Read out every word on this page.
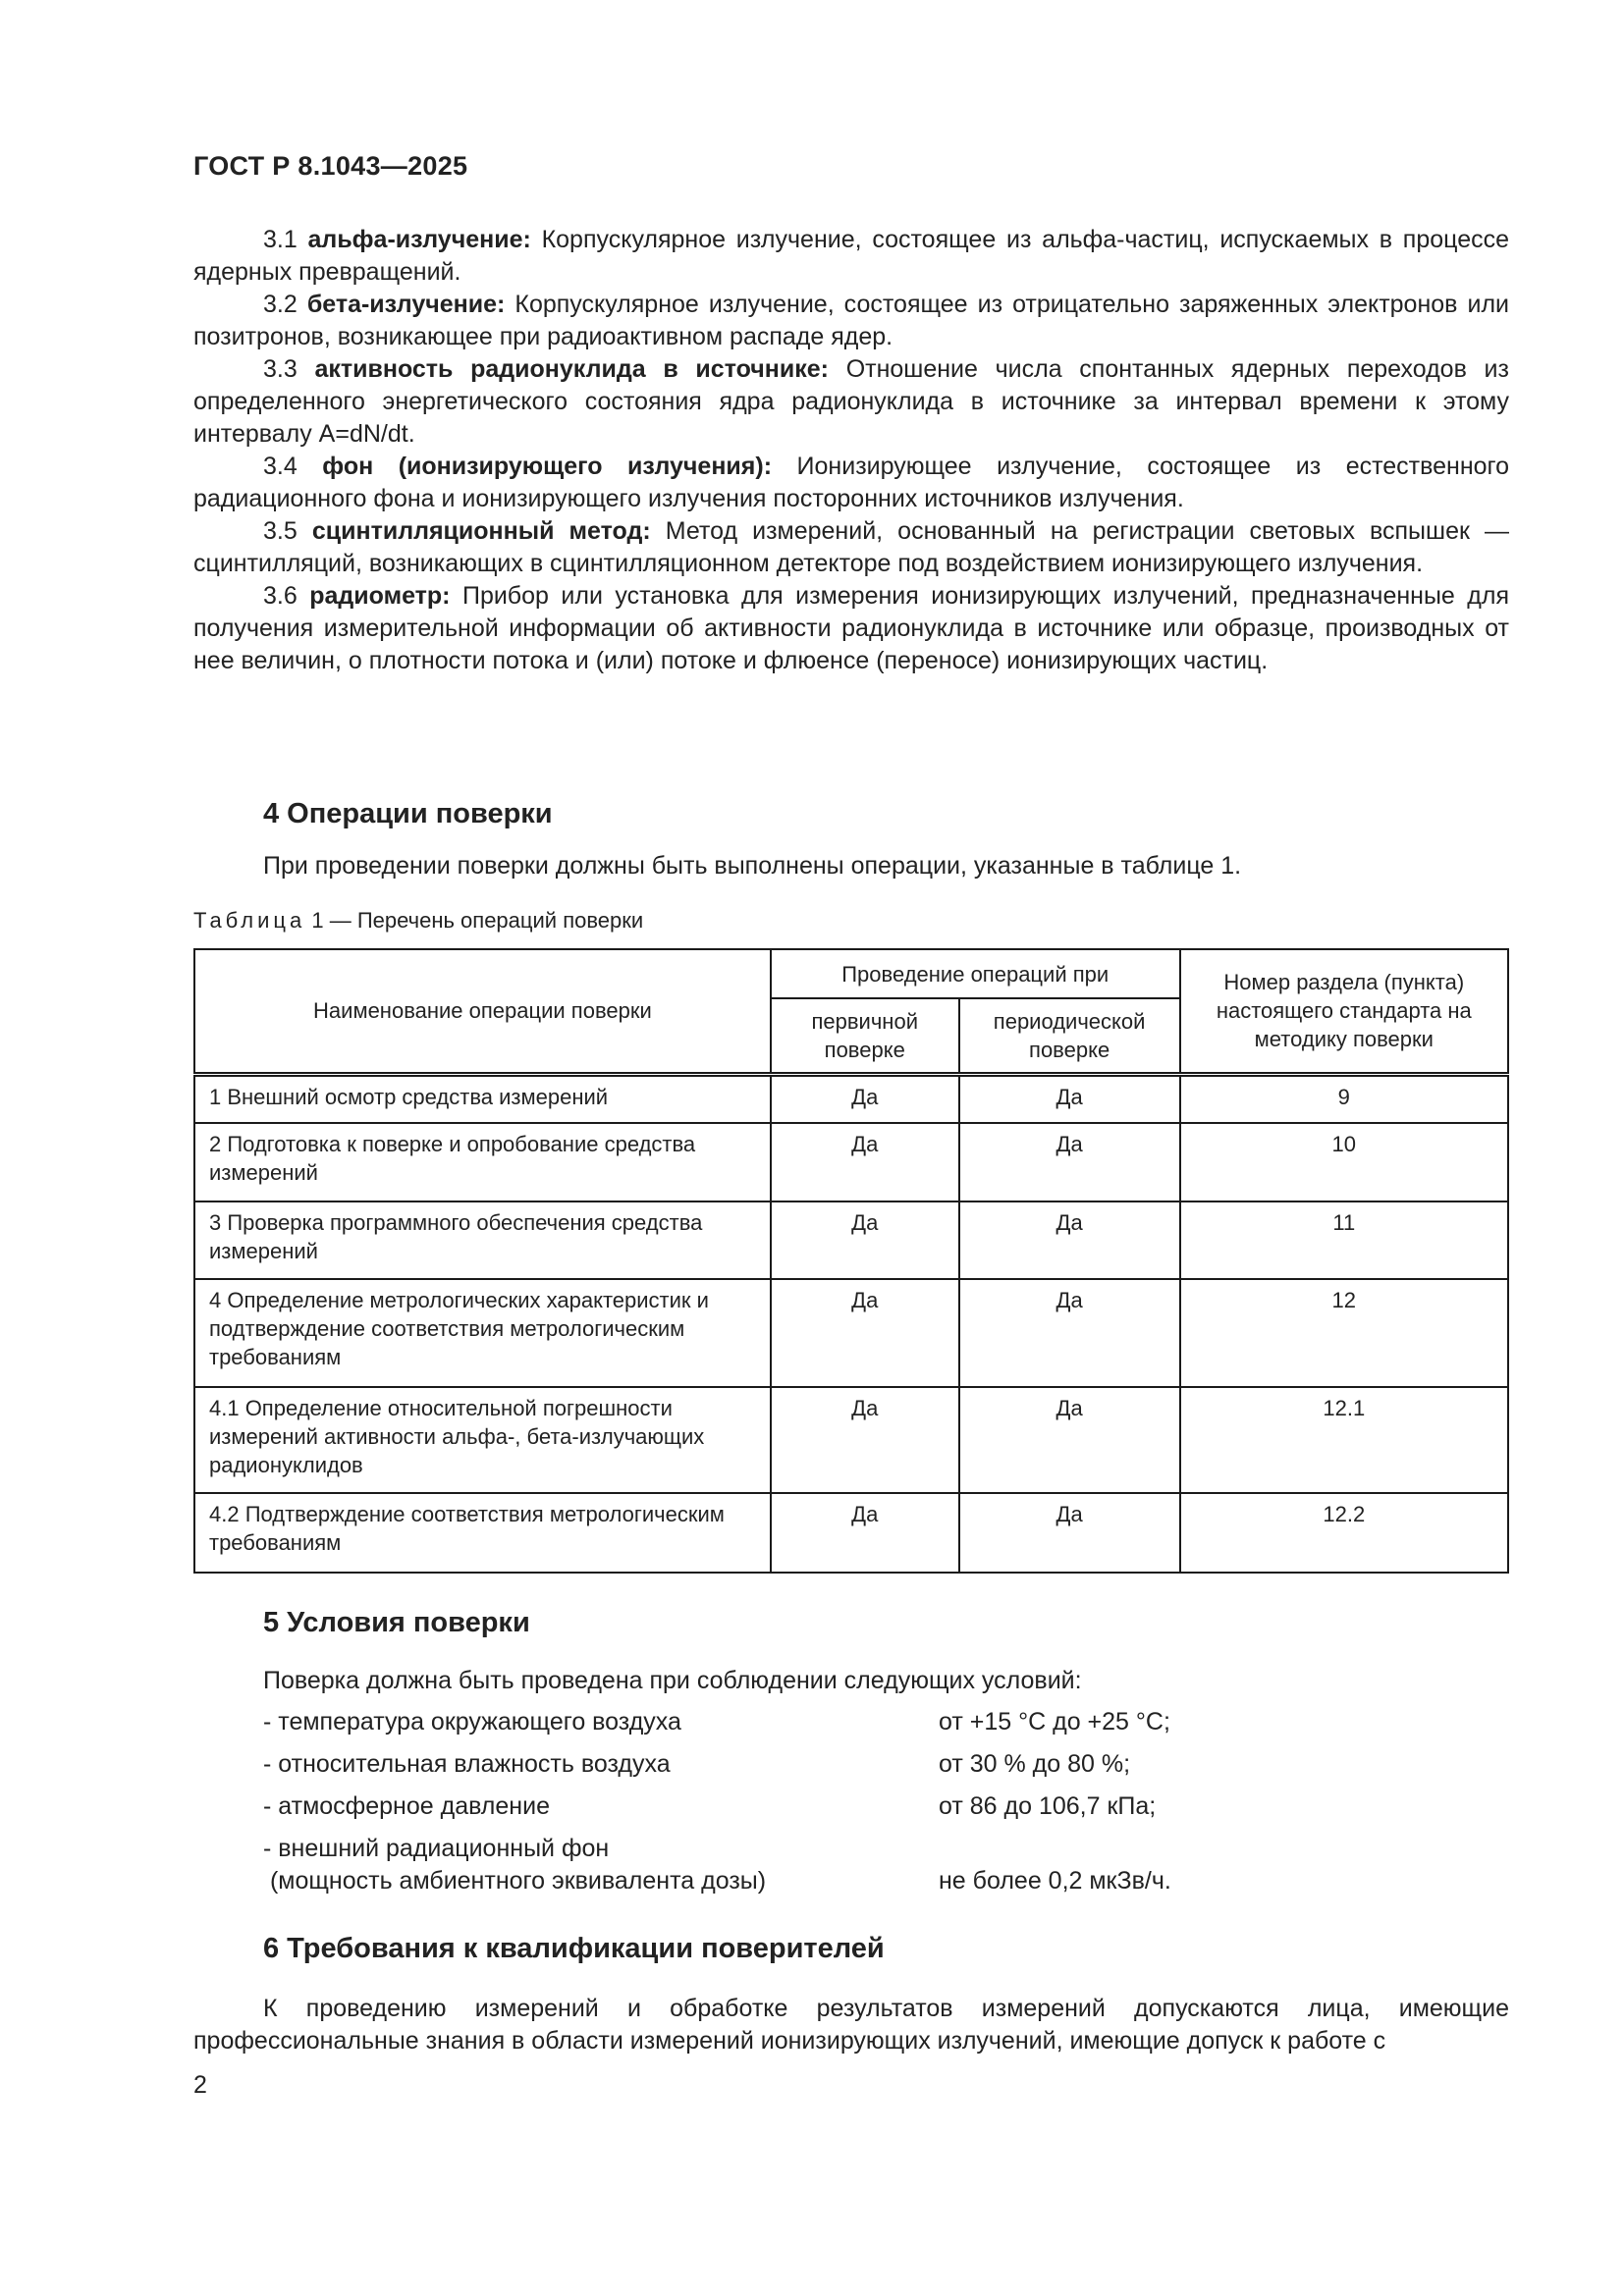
ГОСТ Р 8.1043—2025

3.1 альфа-излучение: Корпускулярное излучение, состоящее из альфа-частиц, испускаемых в процессе ядерных превращений.

3.2 бета-излучение: Корпускулярное излучение, состоящее из отрицательно заряженных электронов или позитронов, возникающее при радиоактивном распаде ядер.

3.3 активность радионуклида в источнике: Отношение числа спонтанных ядерных переходов из определенного энергетического состояния ядра радионуклида в источнике за интервал времени к этому интервалу A=dN/dt.

3.4 фон (ионизирующего излучения): Ионизирующее излучение, состоящее из естественного радиационного фона и ионизирующего излучения посторонних источников излучения.

3.5 сцинтилляционный метод: Метод измерений, основанный на регистрации световых вспышек — сцинтилляций, возникающих в сцинтилляционном детекторе под воздействием ионизирующего излучения.

3.6 радиометр: Прибор или установка для измерения ионизирующих излучений, предназначенные для получения измерительной информации об активности радионуклида в источнике или образце, производных от нее величин, о плотности потока и (или) потоке и флюенсе (переносе) ионизирующих частиц.

4 Операции поверки
При проведении поверки должны быть выполнены операции, указанные в таблице 1.
Таблица 1 — Перечень операций поверки
Наименование операции поверки	Проведение операций при		Номер раздела (пункта) настоящего стандарта на методику поверки
	первичной поверке	периодической поверке	
1 Внешний осмотр средства измерений	Да	Да	9
2 Подготовка к поверке и опробование средства измерений	Да	Да	10
3 Проверка программного обеспечения средства измерений	Да	Да	11
4 Определение метрологических характеристик и подтверждение соответствия метрологическим требованиям	Да	Да	12
4.1 Определение относительной погрешности измерений активности альфа-, бета-излучающих радионуклидов	Да	Да	12.1
4.2 Подтверждение соответствия метрологическим требованиям	Да	Да	12.2
5 Условия поверки
Поверка должна быть проведена при соблюдении следующих условий:
- температура окружающего воздуха	от +15 °С до +25 °С;
- относительная влажность воздуха	от 30 % до 80 %;
- атмосферное давление	от 86 до 106,7 кПа;
- внешний радиационный фон
(мощность амбиентного эквивалента дозы)	не более 0,2 мкЗв/ч.
6 Требования к квалификации поверителей

К проведению измерений и обработке результатов измерений допускаются лица, имеющие профессиональные знания в области измерений ионизирующих излучений, имеющие допуск к работе с

2
